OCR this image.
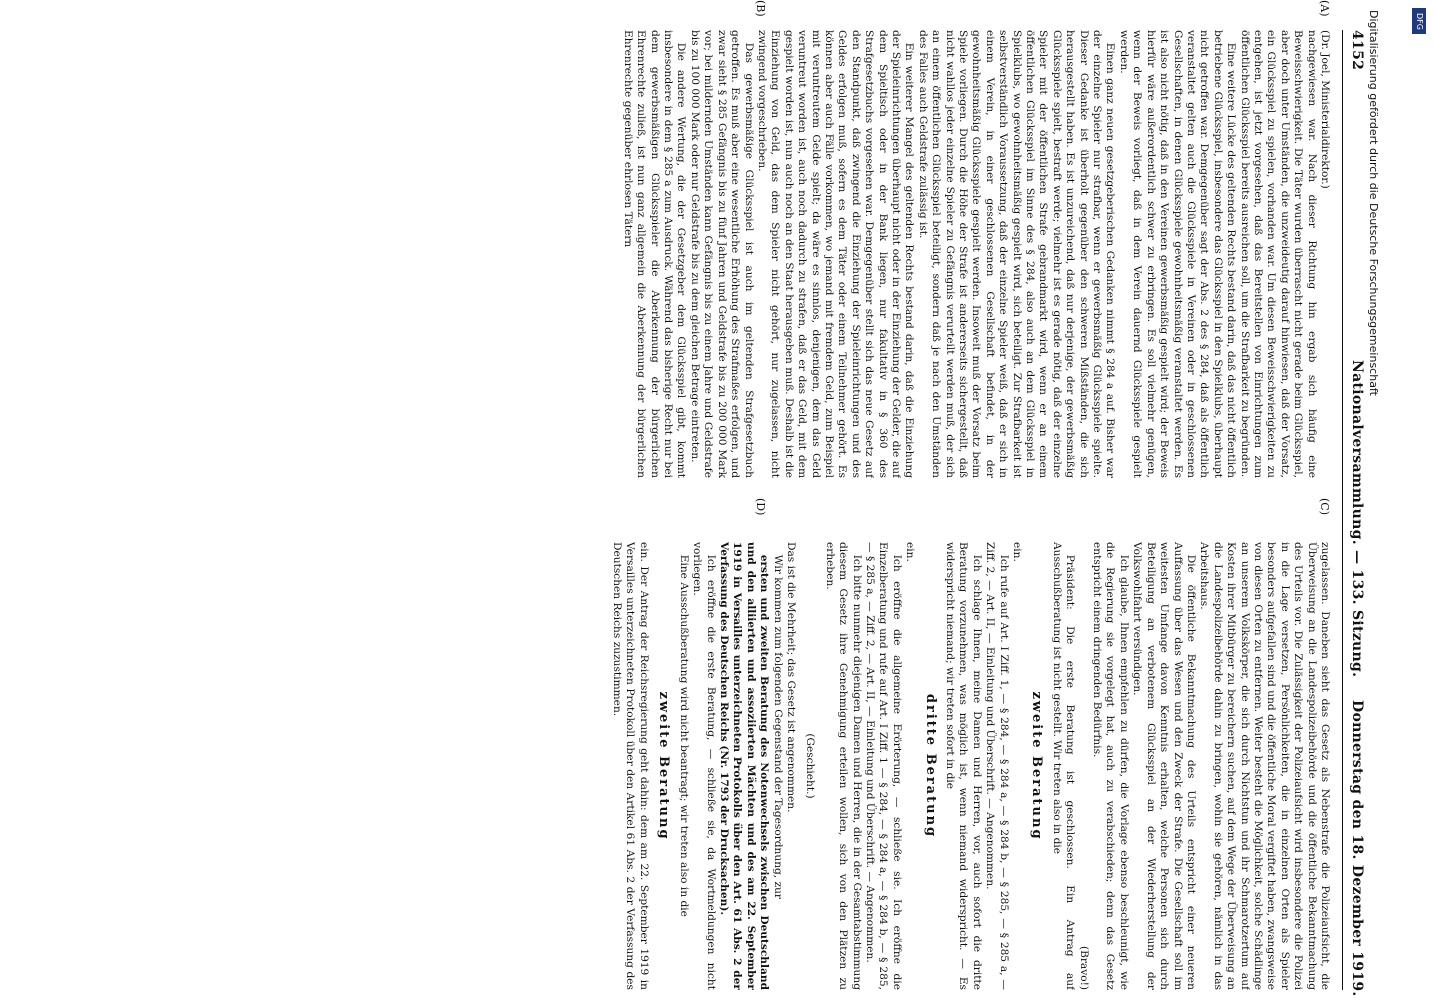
4152
Nationalversammlung. — 133. Sitzung.
Donnerstag den 18. Dezember 1919.
(A)
(B)
(C)
(D)

(Dr. Joel, Ministerialdirektor.)

nachgewiesen war. Nach dieser Richtung hin ergab sich häufig eine Beweisschwierigkeit. Die Täter wurden überrascht nicht gerade beim Glücksspiel, aber doch unter Umständen, die unzweideutig darauf hinwiesen, daß der Vorsatz, ein Glücksspiel zu spielen, vorhanden war. Um diesen Beweisschwierigkeiten zu entgehen, ist jetzt vorgesehen, daß das Bereitstellen von Einrichtungen zum öffentlichen Glücksspiel bereits ausreichen soll, um die Strafbarkeit zu begründen.

Eine weitere Lücke des geltenden Rechts bestand darin, daß das nicht öffentlich betriebene Glücksspiel, insbesondere das Glücksspiel in den Spielklubs, überhaupt nicht getroffen war. Demgegenüber sagt der Abs. 2 des § 284, daß als öffentlich veranstaltet gelten auch die Glücksspiele in Vereinen oder in geschlossenen Gesellschaften, in denen Glücksspiele gewohnheitsmäßig veranstaltet werden. Es ist also nicht nötig, daß in den Vereinen gewerbsmäßig gespielt wird; der Beweis hierfür wäre außerordentlich schwer zu erbringen. Es soll vielmehr genügen, wenn der Beweis vorliegt, daß in dem Verein dauernd Glücksspiele gespielt werden.

Einen ganz neuen gesetzgeberischen Gedanken nimmt § 284 a auf. Bisher war der einzelne Spieler nur strafbar, wenn er gewerbsmäßig Glücksspiele spielte. Dieser Gedanke ist überholt gegenüber den schweren Mißständen, die sich herausgestellt haben. Es ist unzureichend, daß nur derjenige, der gewerbsmäßig Glücksspiele spielt, bestraft werde; vielmehr ist es gerade nötig, daß der einzelne Spieler mit der öffentlichen Strafe gebrandmarkt wird, wenn er an einem öffentlichen Glücksspiel im Sinne des § 284, also auch an dem Glücksspiel in Spielklubs, wo gewohnheitsmäßig gespielt wird, sich beteiligt. Zur Strafbarkeit ist selbstverständlich Voraussetzung, daß der einzelne Spieler weiß, daß er sich in einem Verein, in einer geschlossenen Gesellschaft befindet, in der gewohnheitsmäßig Glücksspiele gespielt werden. Insoweit muß der Vorsatz beim Spiele vorliegen. Durch die Höhe der Strafe ist andererseits sichergestellt, daß nicht wahllos jeder einzelne Spieler zu Gefängnis verurteilt werden muß, der sich an einem öffentlichen Glücksspiel beteiligt, sondern daß je nach den Umständen des Falles auch Geldstrafe zulässig ist.

Ein weiterer Mangel des geltenden Rechts bestand darin, daß die Einziehung der Spieleinrichtungen überhaupt nicht oder in der Einziehung der Gelder, die auf dem Spieltisch oder in der Bank liegen, nur fakultativ in § 360 des Strafgesetzbuchs vorgesehen war. Demgegenüber stellt sich das neue Gesetz auf den Standpunkt, daß zwingend die Einziehung der Spieleinrichtungen und des Geldes erfolgen muß, sofern es dem Täter oder einem Teilnehmer gehört. Es können aber auch Fälle vorkommen, wo jemand mit fremdem Geld, zum Beispiel mit veruntreutem Gelde spielt; da wäre es sinnlos, denjenigen, dem das Geld veruntreut worden ist, auch noch dadurch zu strafen, daß er das Geld, mit dem gespielt worden ist, nun auch noch an den Staat herausgeben muß. Deshalb ist die Einziehung von Geld, das dem Spieler nicht gehört, nur zugelassen, nicht zwingend vorgeschrieben.

Das gewerbsmäßige Glücksspiel ist auch im geltenden Strafgesetzbuch getroffen. Es muß aber eine wesentliche Erhöhung des Strafmaßes erfolgen, und zwar sieht § 285 Gefängnis bis zu fünf Jahren und Geldstrafe bis zu 200 000 Mark vor; bei mildernden Umständen kann Gefängnis bis zu einem Jahre und Geldstrafe bis zu 100 000 Mark oder nur Geldstrafe bis zu dem gleichen Betrage eintreten.

Die andere Wertung, die der Gesetzgeber dem Glücksspiel gibt, kommt insbesondere in dem § 285 a zum Ausdruck. Während das bisherige Recht nur bei dem gewerbsmäßigen Glücksspieler die Aberkennung der bürgerlichen Ehrenrechte zuließ, ist nun ganz allgemein die Aberkennung der bürgerlichen Ehrenrechte gegenüber ehrlosen Tätern

zugelassen. Daneben sieht das Gesetz als Nebenstrafe die Polizeiaufsicht, die Überweisung an die Landespolizeibehörde und die öffentliche Bekanntmachung des Urteils vor. Die Zulässigkeit der Polizeiaufsicht wird insbesondere die Polizei in die Lage versetzen, Persönlichkeiten, die in einzelnen Orten als Spieler besonders aufgefallen sind und die öffentliche Moral vergiftet haben, zwangsweise von diesen Orten zu entfernen. Weiter besteht die Möglichkeit, solche Schädlinge an unserem Volkskörper, die sich durch Nichtstun und ihr Schmarotzertum auf Kosten ihrer Mitbürger zu bereichern suchen, auf dem Wege der Überweisung an die Landespolizeibehörde dahin zu bringen, wohin sie gehören, nämlich in das Arbeitshaus.

Die öffentliche Bekanntmachung des Urteils entspricht einer neueren Auffassung über das Wesen und den Zweck der Strafe. Die Gesellschaft soll im weitesten Umfange davon Kenntnis erhalten, welche Personen sich durch Beteiligung an verbotenem Glücksspiel an der Wiederherstellung der Volkswohlfahrt versündigen.

Ich glaube, Ihnen empfehlen zu dürfen, die Vorlage ebenso beschleunigt, wie die Regierung sie vorgelegt hat, auch zu verabschieden; denn das Gesetz entspricht einem dringenden Bedürfnis.

(Bravo!)

Präsident: Die erste Beratung ist geschlossen. Ein Antrag auf Ausschußberatung ist nicht gestellt. Wir treten also in die

zweite Beratung

ein.

Ich rufe auf Art. I Ziff. 1, — § 284, — § 284 a, — § 284 b, — § 285, — § 285 a, — Ziff. 2, — Art. II, — Einleitung und Überschrift. — Angenommen.

Ich schlage Ihnen, meine Damen und Herren, vor, auch sofort die dritte Beratung vorzunehmen, was möglich ist, wenn niemand widerspricht. — Es widerspricht niemand; wir treten sofort in die

dritte Beratung

ein.

Ich eröffne die allgemeine Erörterung, — schließe sie. Ich eröffne die Einzelberatung und rufe auf Art. I Ziff. 1 — § 284, — § 284 a, — § 284 b, — § 285, — § 285 a, — Ziff. 2, — Art. II, — Einleitung und Überschrift. — Angenommen.

Ich bitte nunmehr diejenigen Damen und Herren, die in der Gesamtabstimmung diesem Gesetz ihre Genehmigung erteilen wollen, sich von den Plätzen zu erheben.

(Geschieht.)

Das ist die Mehrheit; das Gesetz ist angenommen.

Wir kommen zum folgenden Gegenstand der Tagesordnung, zur

ersten und zweiten Beratung des Notenwechsels zwischen Deutschland und den alliierten und assoziierten Mächten und des am 22. September 1919 in Versailles unterzeichneten Protokolls über den Art. 61 Abs. 2 der Verfassung des Deutschen Reichs (Nr. 1793 der Drucksachen).

Ich eröffne die erste Beratung, — schließe sie, da Wortmeldungen nicht vorliegen.

Eine Ausschußberatung wird nicht beantragt; wir treten also in die

zweite Beratung

ein. Der Antrag der Reichsregierung geht dahin: dem am 22. September 1919 in Versailles unterzeichneten Protokoll über den Artikel 61 Abs. 2 der Verfassung des Deutschen Reichs zuzustimmen.

Digitalisierung gefördert durch die Deutsche Forschungsgemeinschaft	DFG
